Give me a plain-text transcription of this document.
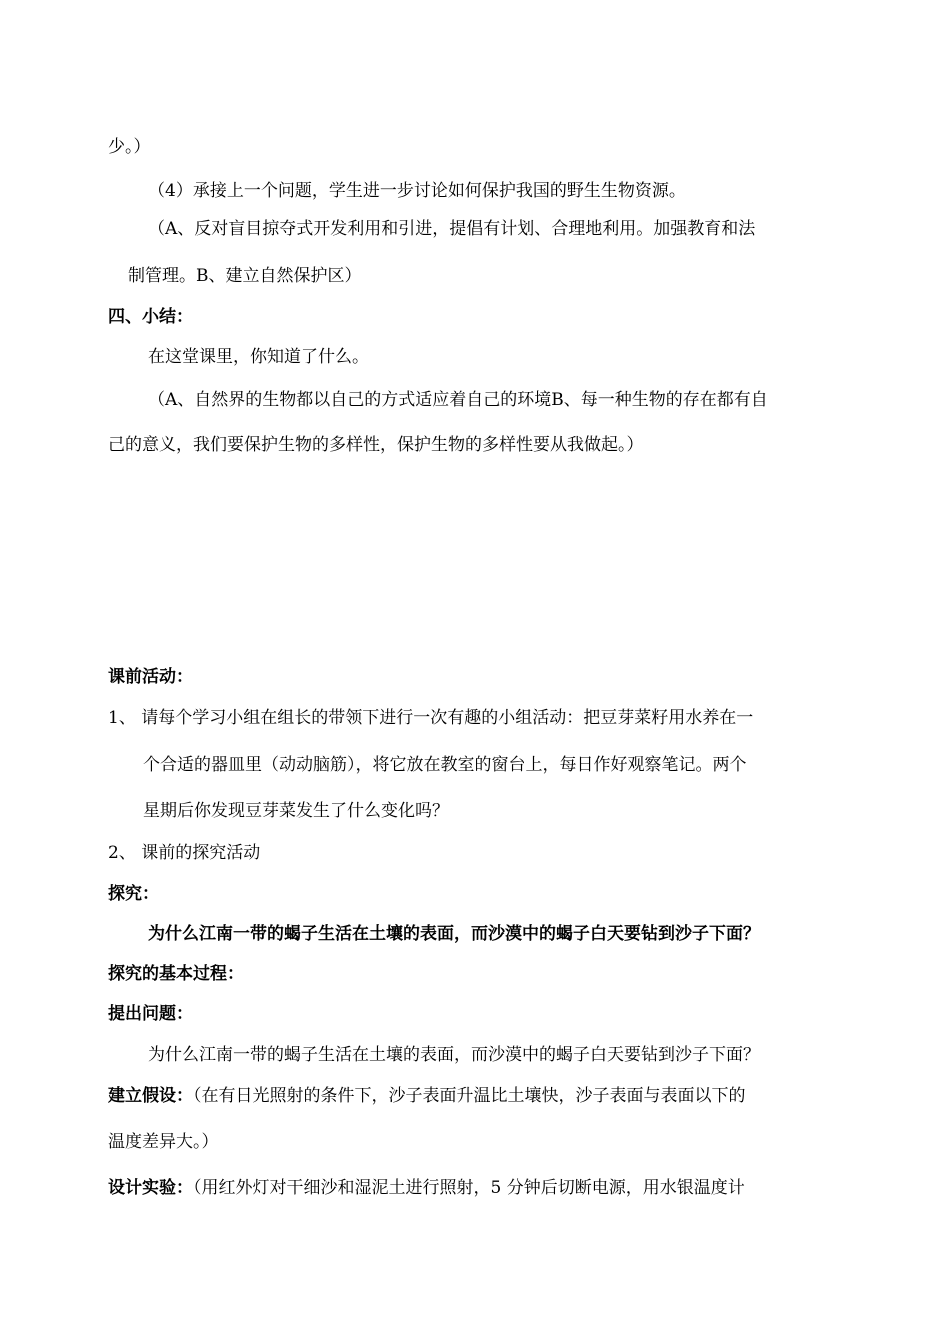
少。）
（4）承接上一个问题，学生进一步讨论如何保护我国的野生生物资源。
（A、反对盲目掠夺式开发利用和引进，提倡有计划、合理地利用。加强教育和法
制管理。B、建立自然保护区）
四、小结：
在这堂课里，你知道了什么。
（A、自然界的生物都以自己的方式适应着自己的环境B、每一种生物的存在都有自
己的意义，我们要保护生物的多样性，保护生物的多样性要从我做起。）
课前活动：
1、 请每个学习小组在组长的带领下进行一次有趣的小组活动：把豆芽菜籽用水养在一
个合适的器皿里（动动脑筋），将它放在教室的窗台上，每日作好观察笔记。两个
星期后你发现豆芽菜发生了什么变化吗？
2、 课前的探究活动
探究：
为什么江南一带的蝎子生活在土壤的表面，而沙漠中的蝎子白天要钻到沙子下面？
探究的基本过程：
提出问题：
为什么江南一带的蝎子生活在土壤的表面，而沙漠中的蝎子白天要钻到沙子下面？
建立假设：（在有日光照射的条件下，沙子表面升温比土壤快，沙子表面与表面以下的
温度差异大。）
设计实验：（用红外灯对干细沙和湿泥土进行照射，5 分钟后切断电源，用水银温度计
